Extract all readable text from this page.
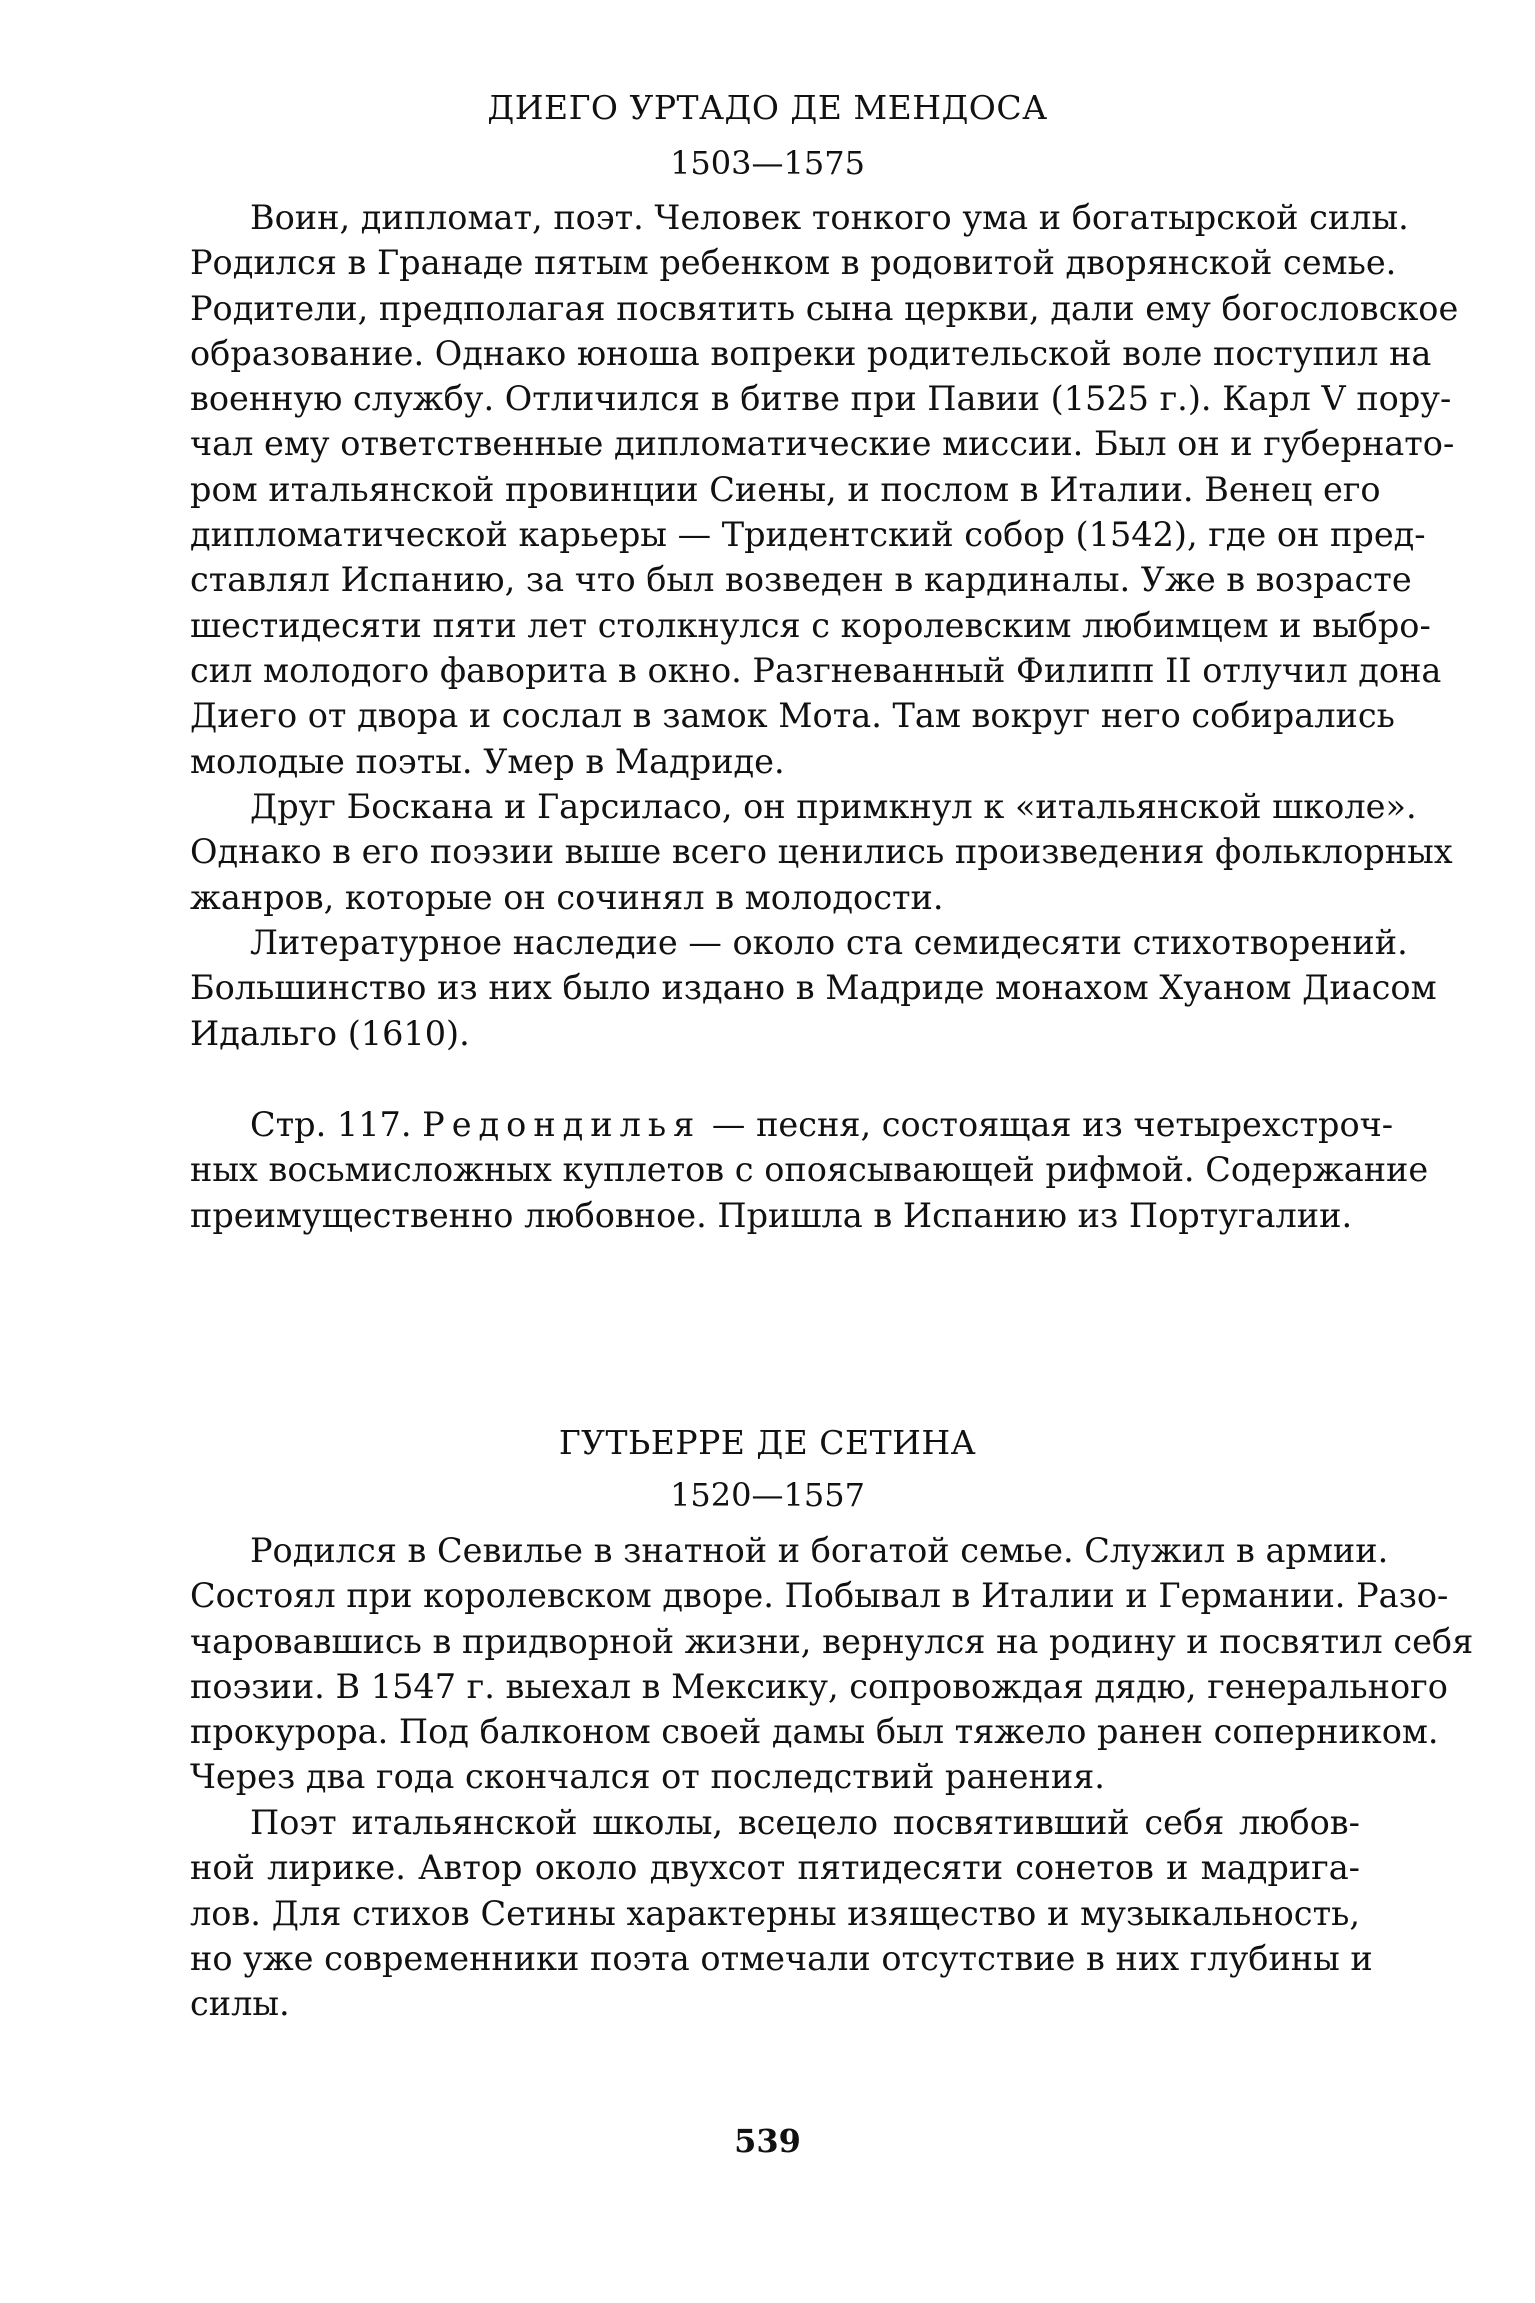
ДИЕГО УРТАДО ДЕ МЕНДОСА
1503—1575
Воин, дипломат, поэт. Человек тонкого ума и богатырской силы.
Родился в Гранаде пятым ребенком в родовитой дворянской семье.
Родители, предполагая посвятить сына церкви, дали ему богословское
образование. Однако юноша вопреки родительской воле поступил на
военную службу. Отличился в битве при Павии (1525 г.). Карл V пору-
чал ему ответственные дипломатические миссии. Был он и губернато-
ром итальянской провинции Сиены, и послом в Италии. Венец его
дипломатической карьеры — Тридентский собор (1542), где он пред-
ставлял Испанию, за что был возведен в кардиналы. Уже в возрасте
шестидесяти пяти лет столкнулся с королевским любимцем и выбро-
сил молодого фаворита в окно. Разгневанный Филипп II отлучил дона
Диего от двора и сослал в замок Мота. Там вокруг него собирались
молодые поэты. Умер в Мадриде.
Друг Боскана и Гарсиласо, он примкнул к «итальянской школе».
Однако в его поэзии выше всего ценились произведения фольклорных
жанров, которые он сочинял в молодости.
Литературное наследие — около ста семидесяти стихотворений.
Большинство из них было издано в Мадриде монахом Хуаном Диасом
Идальго (1610).
Стр. 117. Редондилья — песня, состоящая из четырехстроч-
ных восьмисложных куплетов с опоясывающей рифмой. Содержание
преимущественно любовное. Пришла в Испанию из Португалии.
ГУТЬЕРРЕ ДЕ СЕТИНА
1520—1557
Родился в Севилье в знатной и богатой семье. Служил в армии.
Состоял при королевском дворе. Побывал в Италии и Германии. Разо-
чаровавшись в придворной жизни, вернулся на родину и посвятил себя
поэзии. В 1547 г. выехал в Мексику, сопровождая дядю, генерального
прокурора. Под балконом своей дамы был тяжело ранен соперником.
Через два года скончался от последствий ранения.
Поэт итальянской школы, всецело посвятивший себя любов-
ной лирике. Автор около двухсот пятидесяти сонетов и мадрига-
лов. Для стихов Сетины характерны изящество и музыкальность,
но уже современники поэта отмечали отсутствие в них глубины и
силы.
539
